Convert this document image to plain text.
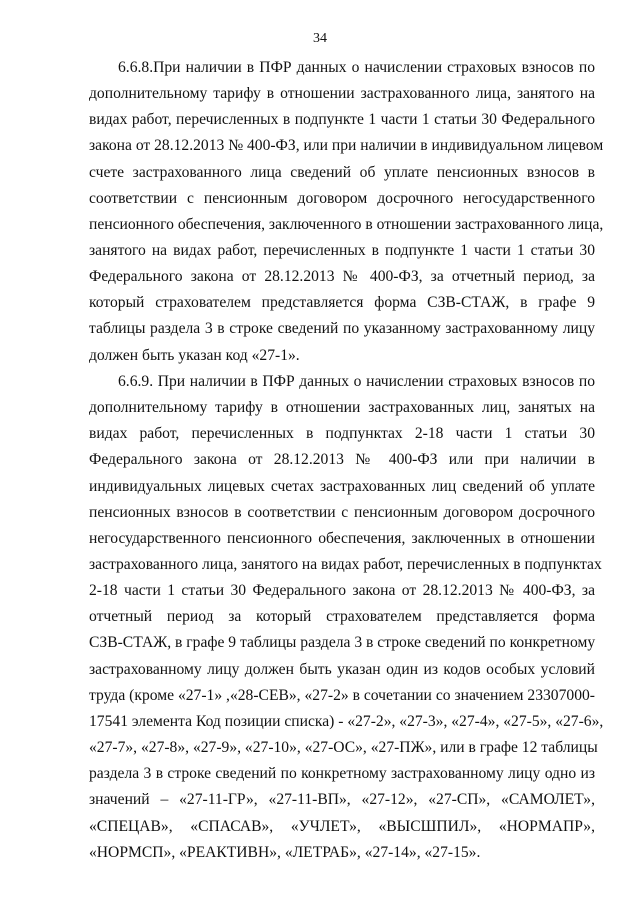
34
6.6.8.При наличии в ПФР данных о начислении страховых взносов по
дополнительному тарифу в отношении застрахованного лица, занятого на
видах работ, перечисленных в подпункте 1 части 1 статьи 30 Федерального
закона от 28.12.2013 № 400-ФЗ, или при наличии в индивидуальном лицевом
счете застрахованного лица сведений об уплате пенсионных взносов в
соответствии с пенсионным договором досрочного негосударственного
пенсионного обеспечения, заключенного в отношении застрахованного лица,
занятого на видах работ, перечисленных в подпункте 1 части 1 статьи 30
Федерального закона от 28.12.2013 № 400-ФЗ, за отчетный период, за
который страхователем представляется форма СЗВ-СТАЖ, в графе 9
таблицы раздела 3 в строке сведений по указанному застрахованному лицу
должен быть указан код «27-1».
6.6.9. При наличии в ПФР данных о начислении страховых взносов по
дополнительному тарифу в отношении застрахованных лиц, занятых на
видах работ, перечисленных в подпунктах 2-18 части 1 статьи 30
Федерального закона от 28.12.2013 № 400-ФЗ или при наличии в
индивидуальных лицевых счетах застрахованных лиц сведений об уплате
пенсионных взносов в соответствии с пенсионным договором досрочного
негосударственного пенсионного обеспечения, заключенных в отношении
застрахованного лица, занятого на видах работ, перечисленных в подпунктах
2-18 части 1 статьи 30 Федерального закона от 28.12.2013 № 400-ФЗ, за
отчетный период за который страхователем представляется форма
СЗВ-СТАЖ, в графе 9 таблицы раздела 3 в строке сведений по конкретному
застрахованному лицу должен быть указан один из кодов особых условий
труда (кроме «27-1» ,«28-СЕВ», «27-2» в сочетании со значением 23307000-
17541 элемента Код позиции списка) - «27-2», «27-3», «27-4», «27-5», «27-6»,
«27-7», «27-8», «27-9», «27-10», «27-ОС», «27-ПЖ», или в графе 12 таблицы
раздела 3 в строке сведений по конкретному застрахованному лицу одно из
значений – «27-11-ГР», «27-11-ВП», «27-12», «27-СП», «САМОЛЕТ»,
«СПЕЦАВ», «СПАСАВ», «УЧЛЕТ», «ВЫСШПИЛ», «НОРМАПР»,
«НОРМСП», «РЕАКТИВН», «ЛЕТРАБ», «27-14», «27-15».
